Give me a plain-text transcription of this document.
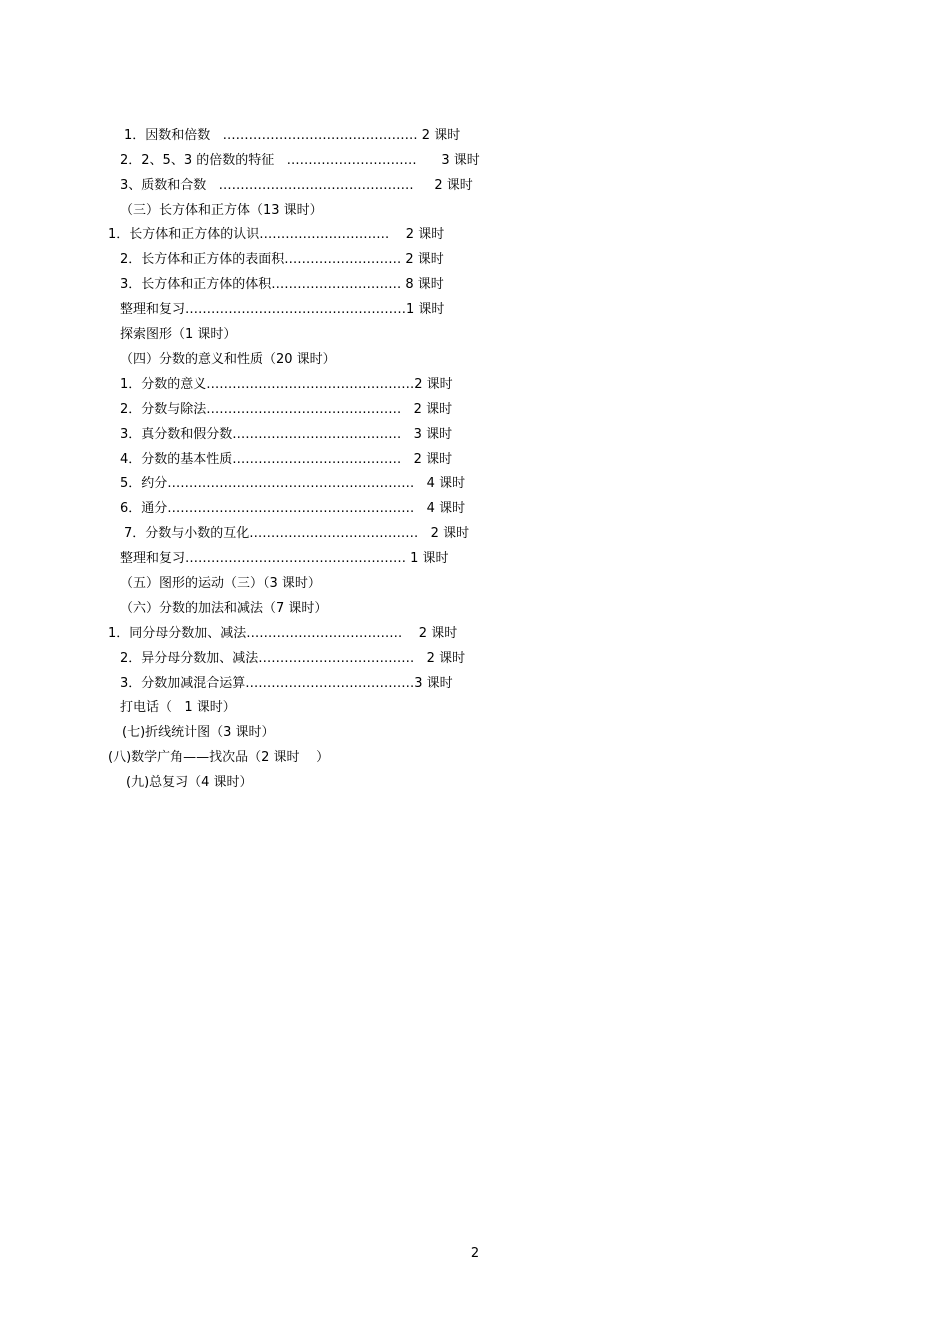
1．因数和倍数   ……………………………………… 2 课时
2．2、5、3 的倍数的特征   …………………………      3 课时
3、质数和合数   ………………………………………     2 课时
（三）长方体和正方体（13 课时）
1．长方体和正方体的认识…………………………    2 课时
2．长方体和正方体的表面积……………………… 2 课时
3．长方体和正方体的体积………………………… 8 课时
整理和复习……………………………………………1 课时
探索图形（1 课时）
（四）分数的意义和性质（20 课时）
1．分数的意义…………………………………………2 课时
2．分数与除法………………………………………   2 课时
3．真分数和假分数…………………………………   3 课时
4．分数的基本性质…………………………………   2 课时
5．约分…………………………………………………   4 课时
6．通分…………………………………………………   4 课时
7．分数与小数的互化…………………………………   2 课时
整理和复习…………………………………………… 1 课时
（五）图形的运动（三）（3 课时）
（六）分数的加法和减法（7 课时）
1．同分母分数加、减法………………………………    2 课时
2．异分母分数加、减法………………………………   2 课时
3．分数加减混合运算…………………………………3 课时
打电话（   1 课时）
(七)折线统计图（3 课时）
(八)数学广角——找次品（2 课时    ）
(九)总复习（4 课时）
2
